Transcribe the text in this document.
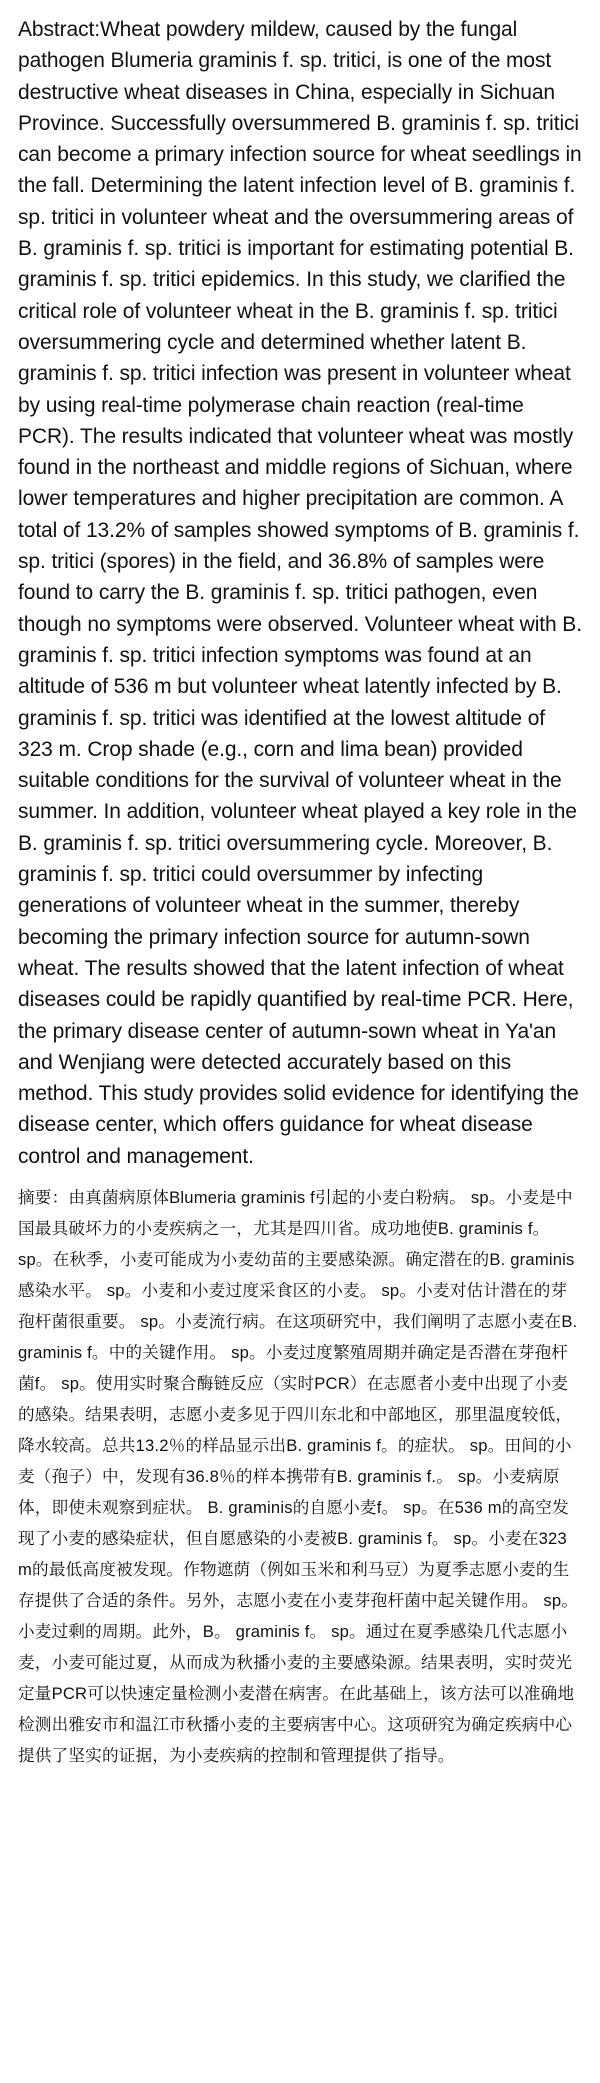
Abstract:Wheat powdery mildew, caused by the fungal pathogen Blumeria graminis f. sp. tritici, is one of the most destructive wheat diseases in China, especially in Sichuan Province. Successfully oversummered B. graminis f. sp. tritici can become a primary infection source for wheat seedlings in the fall. Determining the latent infection level of B. graminis f. sp. tritici in volunteer wheat and the oversummering areas of B. graminis f. sp. tritici is important for estimating potential B. graminis f. sp. tritici epidemics. In this study, we clarified the critical role of volunteer wheat in the B. graminis f. sp. tritici oversummering cycle and determined whether latent B. graminis f. sp. tritici infection was present in volunteer wheat by using real-time polymerase chain reaction (real-time PCR). The results indicated that volunteer wheat was mostly found in the northeast and middle regions of Sichuan, where lower temperatures and higher precipitation are common. A total of 13.2% of samples showed symptoms of B. graminis f. sp. tritici (spores) in the field, and 36.8% of samples were found to carry the B. graminis f. sp. tritici pathogen, even though no symptoms were observed. Volunteer wheat with B. graminis f. sp. tritici infection symptoms was found at an altitude of 536 m but volunteer wheat latently infected by B. graminis f. sp. tritici was identified at the lowest altitude of 323 m. Crop shade (e.g., corn and lima bean) provided suitable conditions for the survival of volunteer wheat in the summer. In addition, volunteer wheat played a key role in the B. graminis f. sp. tritici oversummering cycle. Moreover, B. graminis f. sp. tritici could oversummer by infecting generations of volunteer wheat in the summer, thereby becoming the primary infection source for autumn-sown wheat. The results showed that the latent infection of wheat diseases could be rapidly quantified by real-time PCR. Here, the primary disease center of autumn-sown wheat in Ya'an and Wenjiang were detected accurately based on this method. This study provides solid evidence for identifying the disease center, which offers guidance for wheat disease control and management.

摘要：由真菌病原体Blumeria graminis f引起的小麦白粉病。 sp。小麦是中国最具破坏力的小麦疾病之一，尤其是四川省。成功地使B. graminis f。 sp。在秋季，小麦可能成为小麦幼苗的主要感染源。确定潜在的B. graminis感染水平。 sp。小麦和小麦过度采食区的小麦。 sp。小麦对估计潜在的芽孢杆菌很重要。 sp。小麦流行病。在这项研究中，我们阐明了志愿小麦在B. graminis f。中的关键作用。 sp。小麦过度繁殖周期并确定是否潜在芽孢杆菌f。 sp。使用实时聚合酶链反应（实时PCR）在志愿者小麦中出现了小麦的感染。结果表明，志愿小麦多见于四川东北和中部地区，那里温度较低，降水较高。总共13.2％的样品显示出B. graminis f。的症状。 sp。田间的小麦（孢子）中，发现有36.8％的样本携带有B. graminis f.。 sp。小麦病原体，即使未观察到症状。 B. graminis的自愿小麦f。 sp。在536 m的高空发现了小麦的感染症状，但自愿感染的小麦被B. graminis f。 sp。小麦在323 m的最低高度被发现。作物遮荫（例如玉米和利马豆）为夏季志愿小麦的生存提供了合适的条件。另外，志愿小麦在小麦芽孢杆菌中起关键作用。 sp。小麦过剩的周期。此外，B。 graminis f。 sp。通过在夏季感染几代志愿小麦，小麦可能过夏，从而成为秋播小麦的主要感染源。结果表明，实时荧光定量PCR可以快速定量检测小麦潜在病害。在此基础上，该方法可以准确地检测出雅安市和温江市秋播小麦的主要病害中心。这项研究为确定疾病中心提供了坚实的证据，为小麦疾病的控制和管理提供了指导。
